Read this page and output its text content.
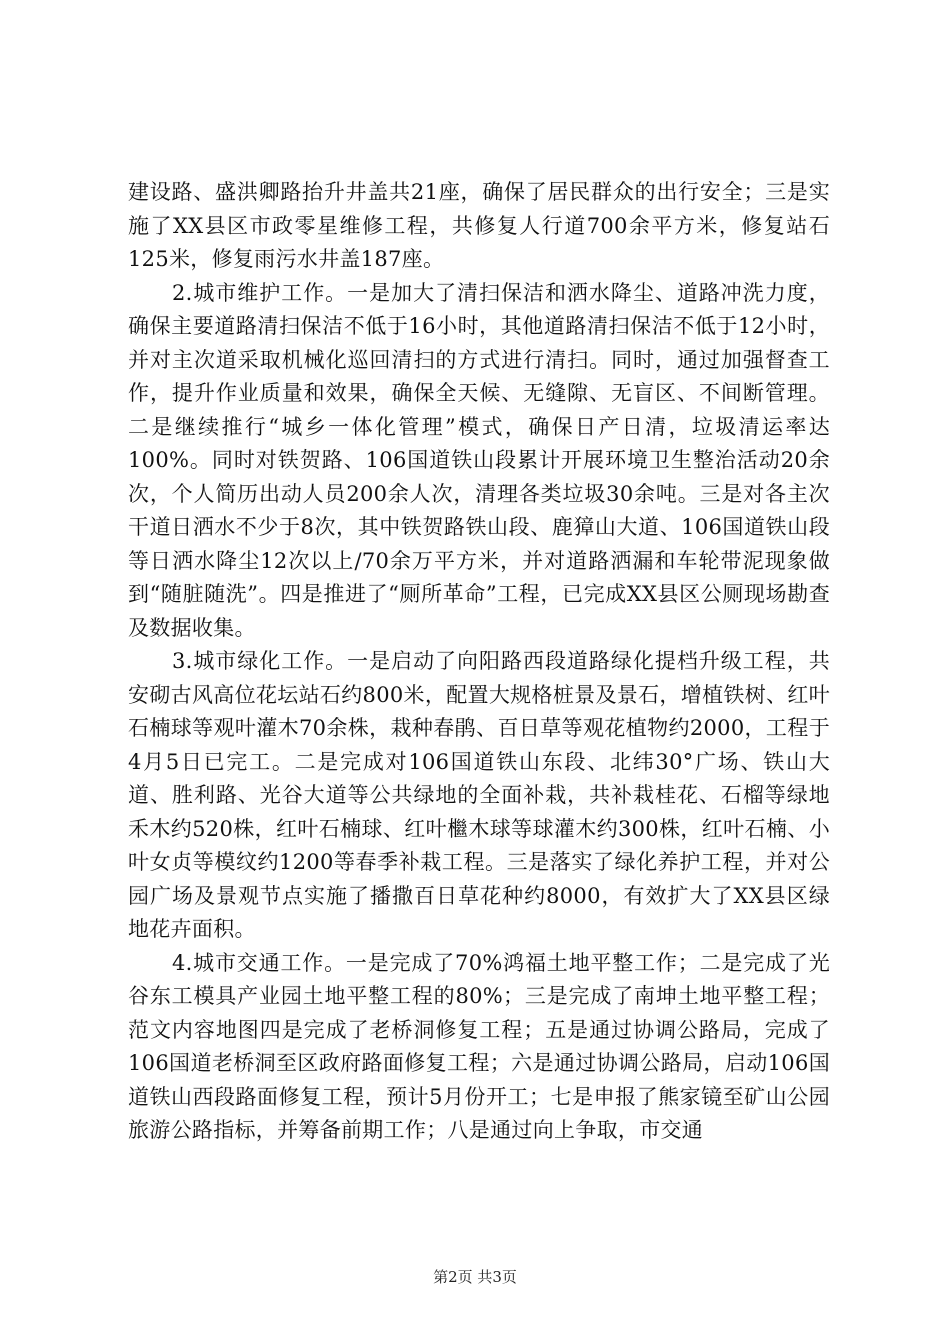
建设路、盛洪卿路抬升井盖共21座，确保了居民群众的出行安全；三是实施了XX县区市政零星维修工程，共修复人行道700余平方米，修复站石125米，修复雨污水井盖187座。

2.城市维护工作。一是加大了清扫保洁和洒水降尘、道路冲洗力度，确保主要道路清扫保洁不低于16小时，其他道路清扫保洁不低于12小时，并对主次道采取机械化巡回清扫的方式进行清扫。同时，通过加强督查工作，提升作业质量和效果，确保全天候、无缝隙、无盲区、不间断管理。二是继续推行“城乡一体化管理”模式，确保日产日清，垃圾清运率达100%。同时对铁贺路、106国道铁山段累计开展环境卫生整治活动20余次，个人简历出动人员200余人次，清理各类垃圾30余吨。三是对各主次干道日洒水不少于8次，其中铁贺路铁山段、鹿獐山大道、106国道铁山段等日洒水降尘12次以上/70余万平方米，并对道路洒漏和车轮带泥现象做到“随脏随洗”。四是推进了“厕所革命”工程，已完成XX县区公厕现场勘查及数据收集。

3.城市绿化工作。一是启动了向阳路西段道路绿化提档升级工程，共安砌古风高位花坛站石约800米，配置大规格桩景及景石，增植铁树、红叶石楠球等观叶灌木70余株，栽种春鹃、百日草等观花植物约2000，工程于4月5日已完工。二是完成对106国道铁山东段、北纬30°广场、铁山大道、胜利路、光谷大道等公共绿地的全面补栽，共补栽桂花、石榴等绿地禾木约520株，红叶石楠球、红叶檵木球等球灌木约300株，红叶石楠、小叶女贞等模纹约1200等春季补栽工程。三是落实了绿化养护工程，并对公园广场及景观节点实施了播撒百日草花种约8000，有效扩大了XX县区绿地花卉面积。

4.城市交通工作。一是完成了70%鸿福土地平整工作；二是完成了光谷东工模具产业园土地平整工程的80%；三是完成了南坤土地平整工程；范文内容地图四是完成了老桥洞修复工程；五是通过协调公路局，完成了106国道老桥洞至区政府路面修复工程；六是通过协调公路局，启动106国道铁山西段路面修复工程，预计5月份开工；七是申报了熊家镜至矿山公园旅游公路指标，并筹备前期工作；八是通过向上争取，市交通

第2页 共3页
